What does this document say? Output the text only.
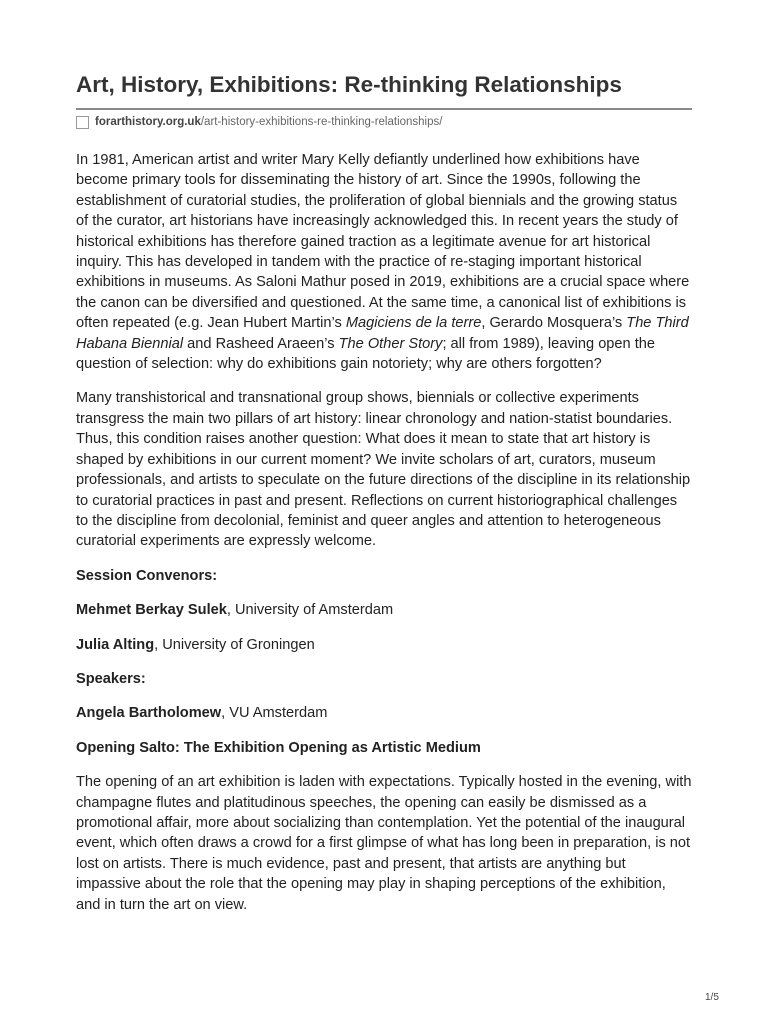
Art, History, Exhibitions: Re-thinking Relationships
forarthistory.org.uk /art-history-exhibitions-re-thinking-relationships/

In 1981, American artist and writer Mary Kelly defiantly underlined how exhibitions have become primary tools for disseminating the history of art. Since the 1990s, following the establishment of curatorial studies, the proliferation of global biennials and the growing status of the curator, art historians have increasingly acknowledged this. In recent years the study of historical exhibitions has therefore gained traction as a legitimate avenue for art historical inquiry. This has developed in tandem with the practice of re-staging important historical exhibitions in museums. As Saloni Mathur posed in 2019, exhibitions are a crucial space where the canon can be diversified and questioned. At the same time, a canonical list of exhibitions is often repeated (e.g. Jean Hubert Martin’s Magiciens de la terre, Gerardo Mosquera’s The Third Habana Biennial and Rasheed Araeen’s The Other Story; all from 1989), leaving open the question of selection: why do exhibitions gain notoriety; why are others forgotten?

Many transhistorical and transnational group shows, biennials or collective experiments transgress the main two pillars of art history: linear chronology and nation-statist boundaries. Thus, this condition raises another question: What does it mean to state that art history is shaped by exhibitions in our current moment? We invite scholars of art, curators, museum professionals, and artists to speculate on the future directions of the discipline in its relationship to curatorial practices in past and present. Reflections on current historiographical challenges to the discipline from decolonial, feminist and queer angles and attention to heterogeneous curatorial experiments are expressly welcome.

Session Convenors:

Mehmet Berkay Sulek, University of Amsterdam

Julia Alting, University of Groningen

Speakers:

Angela Bartholomew, VU Amsterdam

Opening Salto: The Exhibition Opening as Artistic Medium

The opening of an art exhibition is laden with expectations. Typically hosted in the evening, with champagne flutes and platitudinous speeches, the opening can easily be dismissed as a promotional affair, more about socializing than contemplation. Yet the potential of the inaugural event, which often draws a crowd for a first glimpse of what has long been in preparation, is not lost on artists. There is much evidence, past and present, that artists are anything but impassive about the role that the opening may play in shaping perceptions of the exhibition, and in turn the art on view.

1/5
